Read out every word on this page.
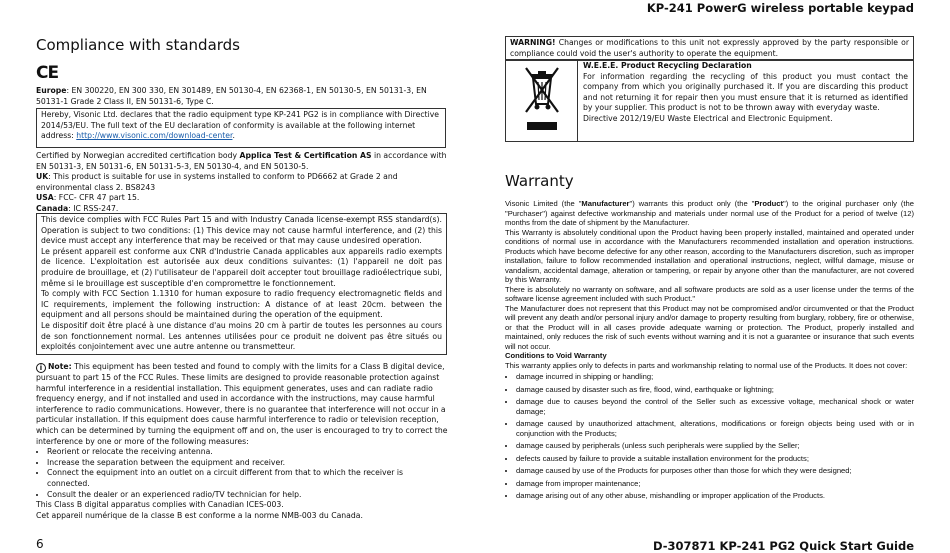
KP-241 PowerG wireless portable keypad
6	D-307871 KP-241 PG2 Quick Start Guide
Compliance with standards
CE
Europe: EN 300220, EN 300 330, EN 301489, EN 50130-4, EN 62368-1, EN 50130-5, EN 50131-3, EN 50131-1 Grade 2 Class II, EN 50131-6, Type C.
Hereby, Visonic Ltd. declares that the radio equipment type KP-241 PG2 is in compliance with Directive 2014/53/EU. The full text of the EU declaration of conformity is available at the following internet address: http://www.visonic.com/download-center.
Certified by Norwegian accredited certification body Applica Test & Certification AS in accordance with EN 50131-3, EN 50131-6, EN 50131-5-3, EN 50130-4, and EN 50130-5.
UK: This product is suitable for use in systems installed to conform to PD6662 at Grade 2 and environmental class 2. BS8243
USA: FCC- CFR 47 part 15.
Canada: IC RSS-247.
This device complies with FCC Rules Part 15 and with Industry Canada license-exempt RSS standard(s). Operation is subject to two conditions: (1) This device may not cause harmful interference, and (2) this device must accept any interference that may be received or that may cause undesired operation.
Le présent appareil est conforme aux CNR d'Industrie Canada applicables aux appareils radio exempts de licence. L'exploitation est autorisée aux deux conditions suivantes: (1) l'appareil ne doit pas produire de brouillage, et (2) l'utilisateur de l'appareil doit accepter tout brouillage radioélectrique subi, même si le brouillage est susceptible d'en compromettre le fonctionnement.
To comply with FCC Section 1.1310 for human exposure to radio frequency electromagnetic fields and IC requirements, implement the following instruction: A distance of at least 20cm. between the equipment and all persons should be maintained during the operation of the equipment.
Le dispositif doit être placé à une distance d'au moins 20 cm à partir de toutes les personnes au cours de son fonctionnement normal. Les antennes utilisées pour ce produit ne doivent pas être situés ou exploités conjointement avec une autre antenne ou transmetteur.
i Note: This equipment has been tested and found to comply with the limits for a Class B digital device, pursuant to part 15 of the FCC Rules. These limits are designed to provide reasonable protection against harmful interference in a residential installation. This equipment generates, uses and can radiate radio frequency energy, and if not installed and used in accordance with the instructions, may cause harmful interference to radio communications. However, there is no guarantee that interference will not occur in a particular installation. If this equipment does cause harmful interference to radio or television reception, which can be determined by turning the equipment off and on, the user is encouraged to try to correct the interference by one or more of the following measures:
• Reorient or relocate the receiving antenna.
• Increase the separation between the equipment and receiver.
• Connect the equipment into an outlet on a circuit different from that to which the receiver is connected.
• Consult the dealer or an experienced radio/TV technician for help.
This Class B digital apparatus complies with Canadian ICES-003.
Cet appareil numérique de la classe B est conforme a la norme NMB-003 du Canada.
WARNING! Changes or modifications to this unit not expressly approved by the party responsible or compliance could void the user's authority to operate the equipment.
W.E.E.E. Product Recycling Declaration
For information regarding the recycling of this product you must contact the company from which you originally purchased it. If you are discarding this product and not returning it for repair then you must ensure that it is returned as identified by your supplier. This product is not to be thrown away with everyday waste.
Directive 2012/19/EU Waste Electrical and Electronic Equipment.
Warranty
Visonic Limited (the "Manufacturer") warrants this product only (the "Product") to the original purchaser only (the "Purchaser") against defective workmanship and materials under normal use of the Product for a period of twelve (12) months from the date of shipment by the Manufacturer.
This Warranty is absolutely conditional upon the Product having been properly installed, maintained and operated under conditions of normal use in accordance with the Manufacturers recommended installation and operation instructions. Products which have become defective for any other reason, according to the Manufacturers discretion, such as improper installation, failure to follow recommended installation and operational instructions, neglect, willful damage, misuse or vandalism, accidental damage, alteration or tampering, or repair by anyone other than the manufacturer, are not covered by this Warranty.
There is absolutely no warranty on software, and all software products are sold as a user license under the terms of the software license agreement included with such Product."
The Manufacturer does not represent that this Product may not be compromised and/or circumvented or that the Product will prevent any death and/or personal injury and/or damage to property resulting from burglary, robbery, fire or otherwise, or that the Product will in all cases provide adequate warning or protection. The Product, properly installed and maintained, only reduces the risk of such events without warning and it is not a guarantee or insurance that such events will not occur.
Conditions to Void Warranty
This warranty applies only to defects in parts and workmanship relating to normal use of the Products. It does not cover:
• damage incurred in shipping or handling;
• damage caused by disaster such as fire, flood, wind, earthquake or lightning;
• damage due to causes beyond the control of the Seller such as excessive voltage, mechanical shock or water damage;
• damage caused by unauthorized attachment, alterations, modifications or foreign objects being used with or in conjunction with the Products;
• damage caused by peripherals (unless such peripherals were supplied by the Seller;
• defects caused by failure to provide a suitable installation environment for the products;
• damage caused by use of the Products for purposes other than those for which they were designed;
• damage from improper maintenance;
• damage arising out of any other abuse, mishandling or improper application of the Products.
